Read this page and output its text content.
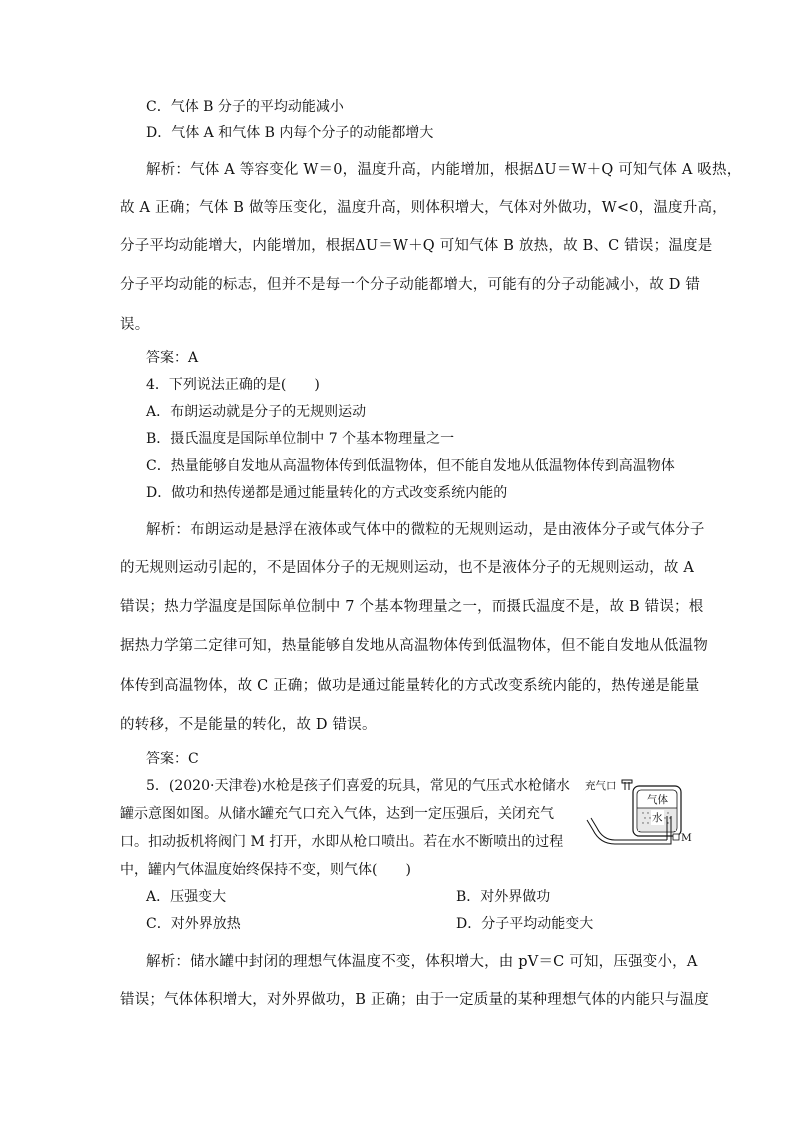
C．气体 B 分子的平均动能减小
D．气体 A 和气体 B 内每个分子的动能都增大
解析：气体 A 等容变化 W＝0，温度升高，内能增加，根据ΔU＝W＋Q 可知气体 A 吸热，
故 A 正确；气体 B 做等压变化，温度升高，则体积增大，气体对外做功，W<0，温度升高，
分子平均动能增大，内能增加，根据ΔU＝W＋Q 可知气体 B 放热，故 B、C 错误；温度是
分子平均动能的标志，但并不是每一个分子动能都增大，可能有的分子动能减小，故 D 错
误。
答案：A
4．下列说法正确的是(　　)
A．布朗运动就是分子的无规则运动
B．摄氏温度是国际单位制中 7 个基本物理量之一
C．热量能够自发地从高温物体传到低温物体，但不能自发地从低温物体传到高温物体
D．做功和热传递都是通过能量转化的方式改变系统内能的
解析：布朗运动是悬浮在液体或气体中的微粒的无规则运动，是由液体分子或气体分子
的无规则运动引起的，不是固体分子的无规则运动，也不是液体分子的无规则运动，故 A
错误；热力学温度是国际单位制中 7 个基本物理量之一，而摄氏温度不是，故 B 错误；根
据热力学第二定律可知，热量能够自发地从高温物体传到低温物体，但不能自发地从低温物
体传到高温物体，故 C 正确；做功是通过能量转化的方式改变系统内能的，热传递是能量
的转移，不是能量的转化，故 D 错误。
答案：C
5．(2020·天津卷)水枪是孩子们喜爱的玩具，常见的气压式水枪储水
罐示意图如图。从储水罐充气口充入气体，达到一定压强后，关闭充气
口。扣动扳机将阀门 M 打开，水即从枪口喷出。若在水不断喷出的过程
中，罐内气体温度始终保持不变，则气体(　　)
A．压强变大	B．对外界做功
C．对外界放热	D．分子平均动能变大
解析：储水罐中封闭的理想气体温度不变，体积增大，由 pV＝C 可知，压强变小，A
错误；气体体积增大，对外界做功，B 正确；由于一定质量的某种理想气体的内能只与温度
充气口
气体
水
M
